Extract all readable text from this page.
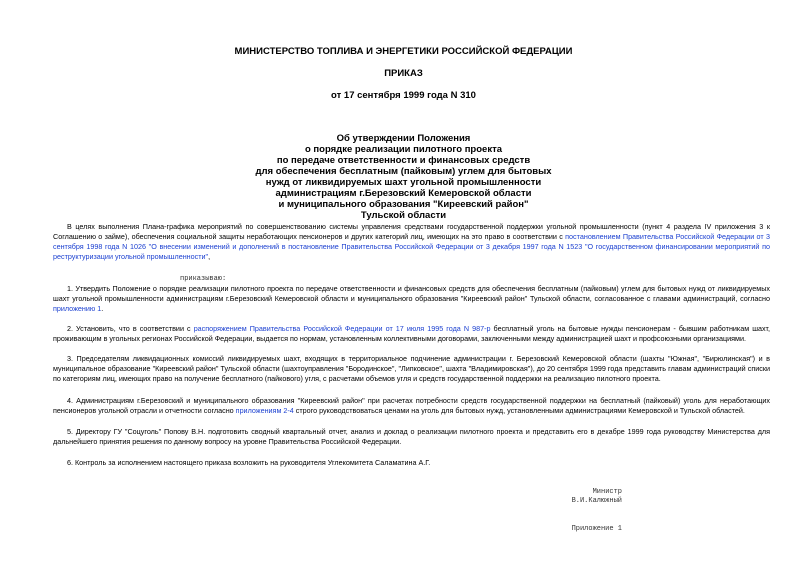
МИНИСТЕРСТВО ТОПЛИВА И ЭНЕРГЕТИКИ РОССИЙСКОЙ ФЕДЕРАЦИИ
ПРИКАЗ
от 17 сентября 1999 года N 310
Об утверждении Положения
о порядке реализации пилотного проекта
по передаче ответственности и финансовых средств
для обеспечения бесплатным (пайковым) углем для бытовых
нужд от ликвидируемых шахт угольной промышленности
администрациям г.Березовский Кемеровской области
и муниципального образования "Киреевский район"
Тульской области
В целях выполнения Плана-графика мероприятий по совершенствованию системы управления средствами государственной поддержки угольной промышленности (пункт 4 раздела IV приложения 3 к Соглашению о займе), обеспечения социальной защиты неработающих пенсионеров и других категорий лиц, имеющих на это право в соответствии с постановлением Правительства Российской Федерации от 3 сентября 1998 года N 1026 "О внесении изменений и дополнений в постановление Правительства Российской Федерации от 3 декабря 1997 года N 1523 "О государственном финансировании мероприятий по реструктуризации угольной промышленности",
приказываю:
1. Утвердить Положение о порядке реализации пилотного проекта по передаче ответственности и финансовых средств для обеспечения бесплатным (пайковым) углем для бытовых нужд от ликвидируемых шахт угольной промышленности администрациям г.Березовский Кемеровской области и муниципального образования "Киреевский район" Тульской области, согласованное с главами администраций, согласно приложению 1.
2. Установить, что в соответствии с распоряжением Правительства Российской Федерации от 17 июля 1995 года N 987-р бесплатный уголь на бытовые нужды пенсионерам - бывшим работникам шахт, проживающим в угольных регионах Российской Федерации, выдается по нормам, установленным коллективными договорами, заключенными между администрацией шахт и профсоюзными организациями.
3. Председателям ликвидационных комиссий ликвидируемых шахт, входящих в территориальное подчинение администрации г. Березовский Кемеровской области (шахты "Южная", "Бирюлинская") и в муниципальное образование "Киреевский район" Тульской области (шахтоуправления "Бородинское", "Липковское", шахта "Владимировская"), до 20 сентября 1999 года представить главам администраций списки по категориям лиц, имеющих право на получение бесплатного (пайкового) угля, с расчетами объемов угля и средств государственной поддержки на реализацию пилотного проекта.
4. Администрациям г.Березовский и муниципального образования "Киреевский район" при расчетах потребности средств государственной поддержки на бесплатный (пайковый) уголь для неработающих пенсионеров угольной отрасли и отчетности согласно приложениям 2-4 строго руководствоваться ценами на уголь для бытовых нужд, установленными администрациями Кемеровской и Тульской областей.
5. Директору ГУ "Соцуголь" Попову В.Н. подготовить сводный квартальный отчет, анализ и доклад о реализации пилотного проекта и представить его в декабре 1999 года руководству Министерства для дальнейшего принятия решения по данному вопросу на уровне Правительства Российской Федерации.
6. Контроль за исполнением настоящего приказа возложить на руководителя Углекомитета Саламатина А.Г.
Министр
В.И.Калюжный
Приложение 1
